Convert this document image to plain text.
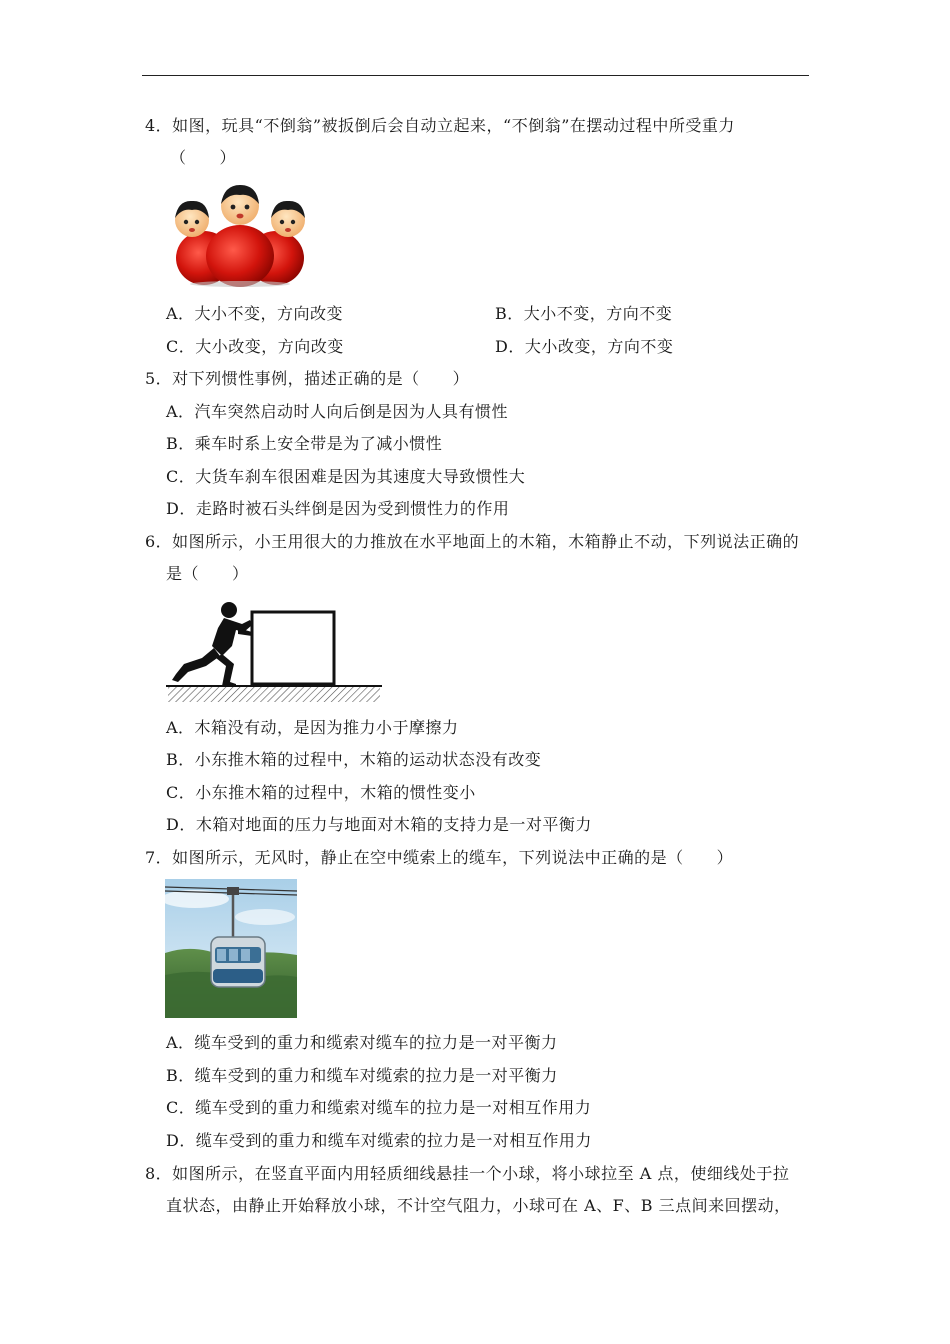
4．如图，玩具“不倒翁”被扳倒后会自动立起来，“不倒翁”在摆动过程中所受重力
（　　）
A．大小不变，方向改变	B．大小不变，方向不变
C．大小改变，方向改变	D．大小改变，方向不变
5．对下列惯性事例，描述正确的是（　　）
A．汽车突然启动时人向后倒是因为人具有惯性
B．乘车时系上安全带是为了减小惯性
C．大货车刹车很困难是因为其速度大导致惯性大
D．走路时被石头绊倒是因为受到惯性力的作用
6．如图所示，小王用很大的力推放在水平地面上的木箱，木箱静止不动，下列说法正确的
是（　　）
A．木箱没有动，是因为推力小于摩擦力
B．小东推木箱的过程中，木箱的运动状态没有改变
C．小东推木箱的过程中，木箱的惯性变小
D．木箱对地面的压力与地面对木箱的支持力是一对平衡力
7．如图所示，无风时，静止在空中缆索上的缆车，下列说法中正确的是（　　）
A．缆车受到的重力和缆索对缆车的拉力是一对平衡力
B．缆车受到的重力和缆车对缆索的拉力是一对平衡力
C．缆车受到的重力和缆索对缆车的拉力是一对相互作用力
D．缆车受到的重力和缆车对缆索的拉力是一对相互作用力
8．如图所示，在竖直平面内用轻质细线悬挂一个小球，将小球拉至 A 点，使细线处于拉
直状态，由静止开始释放小球，不计空气阻力，小球可在 A、F、B 三点间来回摆动，
